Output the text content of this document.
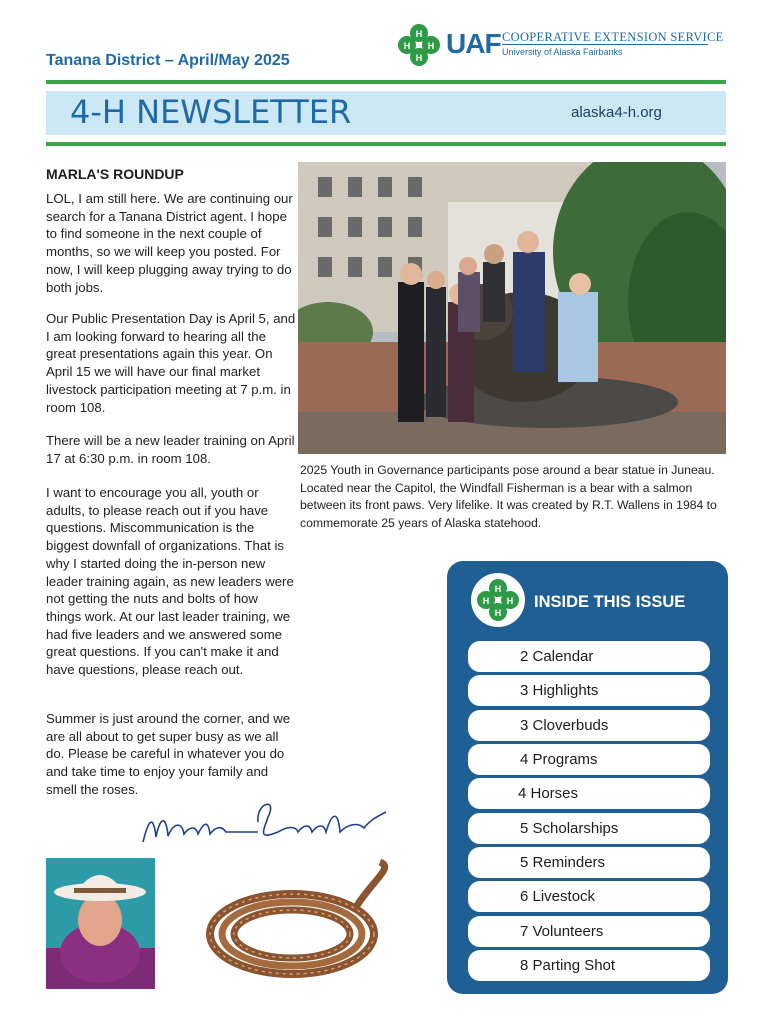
Tanana District – April/May 2025
H
H
H H UAF COOPERATIVE EXTENSION SERVICE
University of Alaska Fairbanks
4-H NEWSLETTER	alaska4-h.org
MARLA'S ROUNDUP
LOL, I am still here. We are continuing our search for a Tanana District agent. I hope to find someone in the next couple of months, so we will keep you posted. For now, I will keep plugging away trying to do both jobs.
Our Public Presentation Day is April 5, and I am looking forward to hearing all the great presentations again this year. On April 15 we will have our final market livestock participation meeting at 7 p.m. in room 108.
There will be a new leader training on April 17 at 6:30 p.m. in room 108.
I want to encourage you all, youth or adults, to please reach out if you have questions. Miscommunication is the biggest downfall of organizations. That is why I started doing the in-person new leader training again, as new leaders were not getting the nuts and bolts of how things work. At our last leader training, we had five leaders and we answered some great questions. If you can't make it and have questions, please reach out.
Summer is just around the corner, and we are all about to get super busy as we all do. Please be careful in whatever you do and take time to enjoy your family and smell the roses.
2025 Youth in Governance participants pose around a bear statue in Juneau. Located near the Capitol, the Windfall Fisherman is a bear with a salmon between its front paws. Very lifelike. It was created by R.T. Wallens in 1984 to commemorate 25 years of Alaska statehood.
H
H
H H INSIDE THIS ISSUE
2 Calendar
3 Highlights
3 Cloverbuds
4 Programs
4 Horses
5 Scholarships
5 Reminders
6 Livestock
7 Volunteers
8 Parting Shot
